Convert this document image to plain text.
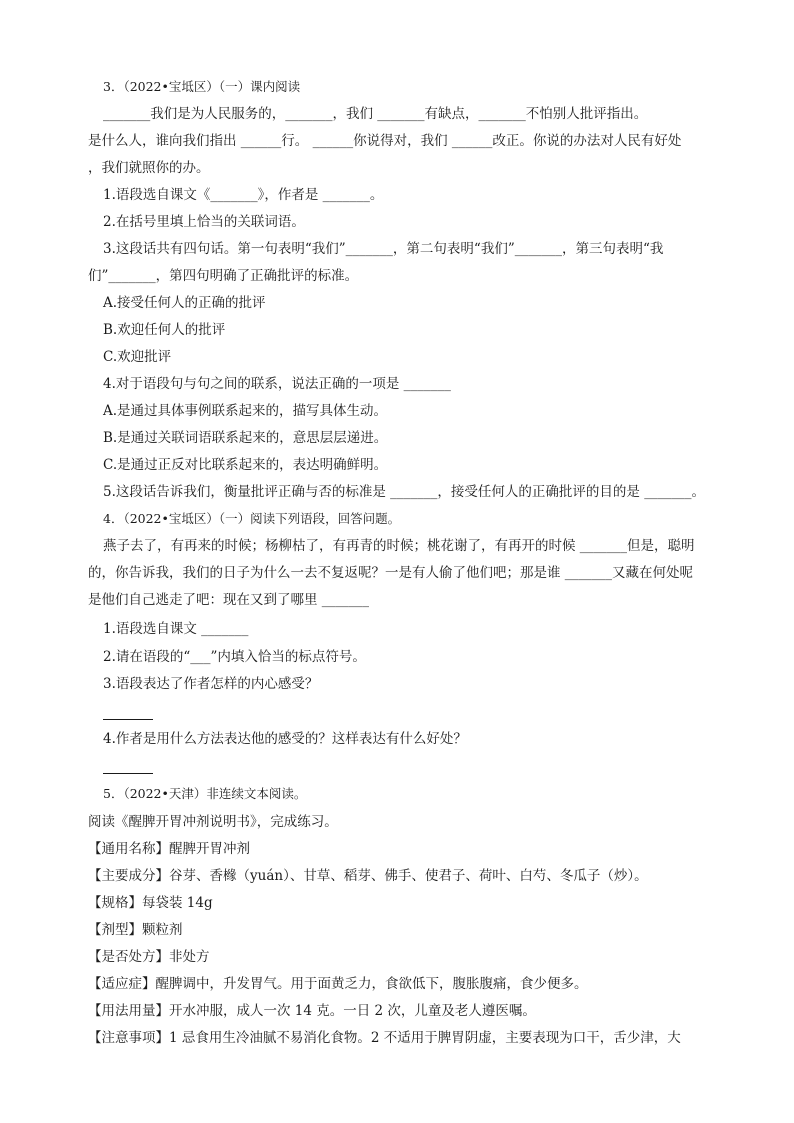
3．（2022•宝坻区）（一）课内阅读
_______我们是为人民服务的，_______，我们 _______有缺点，_______不怕别人批评指出。
是什么人，谁向我们指出 ______行。 ______你说得对，我们 ______改正。你说的办法对人民有好处
，我们就照你的办。
1.语段选自课文《_______》，作者是 _______。
2.在括号里填上恰当的关联词语。
3.这段话共有四句话。第一句表明“我们”_______，第二句表明“我们”_______，第三句表明“我
们”_______，第四句明确了正确批评的标准。
A.接受任何人的正确的批评
B.欢迎任何人的批评
C.欢迎批评
4.对于语段句与句之间的联系，说法正确的一项是 _______
A.是通过具体事例联系起来的，描写具体生动。
B.是通过关联词语联系起来的，意思层层递进。
C.是通过正反对比联系起来的，表达明确鲜明。
5.这段话告诉我们，衡量批评正确与否的标准是 _______，接受任何人的正确批评的目的是 _______。
4．（2022•宝坻区）（一）阅读下列语段，回答问题。
燕子去了，有再来的时候；杨柳枯了，有再青的时候；桃花谢了，有再开的时候 _______但是，聪明
的，你告诉我，我们的日子为什么一去不复返呢？一是有人偷了他们吧；那是谁 _______又藏在何处呢
是他们自己逃走了吧：现在又到了哪里 _______
1.语段选自课文 _______
2.请在语段的“___”内填入恰当的标点符号。
3.语段表达了作者怎样的内心感受？
4.作者是用什么方法表达他的感受的？这样表达有什么好处？
5．（2022•天津）非连续文本阅读。
阅读《醒脾开胃冲剂说明书》，完成练习。
【通用名称】醒脾开胃冲剂
【主要成分】谷芽、香橼（yuán）、甘草、稻芽、佛手、使君子、荷叶、白芍、冬瓜子（炒）。
【规格】每袋装 14g
【剂型】颗粒剂
【是否处方】非处方
【适应症】醒脾调中，升发胃气。用于面黄乏力，食欲低下，腹胀腹痛，食少便多。
【用法用量】开水冲服，成人一次 14 克。一日 2 次，儿童及老人遵医嘱。
【注意事项】1 忌食用生冷油腻不易消化食物。2 不适用于脾胃阴虚，主要表现为口干，舌少津，大
